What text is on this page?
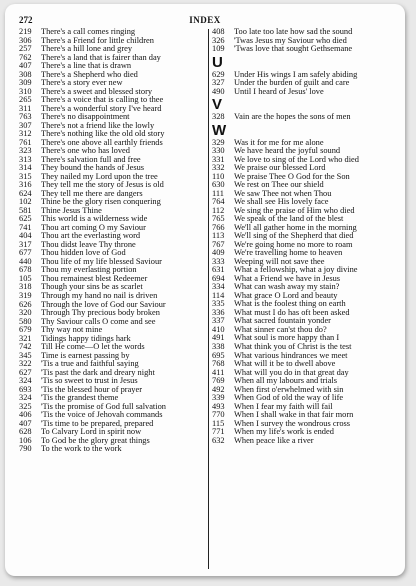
INDEX
272
219	There's a call comes ringing
306	There's a Friend for little children
257	There's a hill lone and grey
762	There's a land that is fairer than day
407	There's a line that is drawn
308	There's a Shepherd who died
309	There's a story ever new
310	There's a sweet and blessed story
265	There's a voice that is calling to thee
311	There's a wonderful story I've heard
763	There's no disappointment
307	There's not a friend like the lowly
312	There's nothing like the old old story
761	There's one above all earthly friends
323	There's one who has loved
313	There's salvation full and free
314	They bound the hands of Jesus
315	They nailed my Lord upon the tree
316	They tell me the story of Jesus is old
624	They tell me there are dangers
102	Thine be the glory risen conquering
581	Thine Jesus Thine
625	This world is a wilderness wide
741	Thou art coming O my Saviour
404	Thou art the everlasting word
317	Thou didst leave Thy throne
677	Thou hidden love of God
440	Thou life of my life blessed Saviour
678	Thou my everlasting portion
105	Thou remainest blest Redeemer
318	Though your sins be as scarlet
319	Through my hand no nail is driven
626	Through the love of God our Saviour
320	Through Thy precious body broken
580	Thy Saviour calls O come and see
679	Thy way not mine
321	Tidings happy tidings hark
742	Till He come—O let the words
345	Time is earnest passing by
322	'Tis a true and faithful saying
627	'Tis past the dark and dreary night
324	'Tis so sweet to trust in Jesus
693	'Tis the blessed hour of prayer
324	'Tis the grandest theme
325	'Tis the promise of God full salvation
406	'Tis the voice of Jehovah commands
407	'Tis time to be prepared, prepared
628	To Calvary Lord in spirit now
106	To God be the glory great things
790	To the work to the work
408	Too late too late how sad the sound
326	'Twas Jesus my Saviour who died
109	'Twas love that sought Gethsemane
U
629	Under His wings I am safely abiding
327	Under the burden of guilt and care
490	Until I heard of Jesus' love
V
328	Vain are the hopes the sons of men
W
329	Was it for me for me alone
330	We have heard the joyful sound
331	We love to sing of the Lord who died
332	We praise our blessed Lord
110	We praise Thee O God for the Son
630	We rest on Thee our shield
111	We saw Thee not when Thou
764	We shall see His lovely face
112	We sing the praise of Him who died
765	We speak of the land of the blest
766	We'll all gather home in the morning
113	We'll sing of the Shepherd that died
767	We're going home no more to roam
409	We're travelling home to heaven
333	Weeping will not save thee
631	What a fellowship, what a joy divine
694	What a Friend we have in Jesus
334	What can wash away my stain?
114	What grace O Lord and beauty
335	What is the foolest thing on earth
336	What must I do has oft been asked
337	What sacred fountain yonder
410	What sinner can'st thou do?
491	What soul is more happy than I
338	What think you of Christ is the test
695	What various hindrances we meet
768	What will it be to dwell above
411	What will you do in that great day
769	When all my labours and trials
492	When first o'erwhelmed with sin
339	When God of old the way of life
493	When I fear my faith will fail
770	When I shall wake in that fair morn
115	When I survey the wondrous cross
771	When my life's work is ended
632	When peace like a river
